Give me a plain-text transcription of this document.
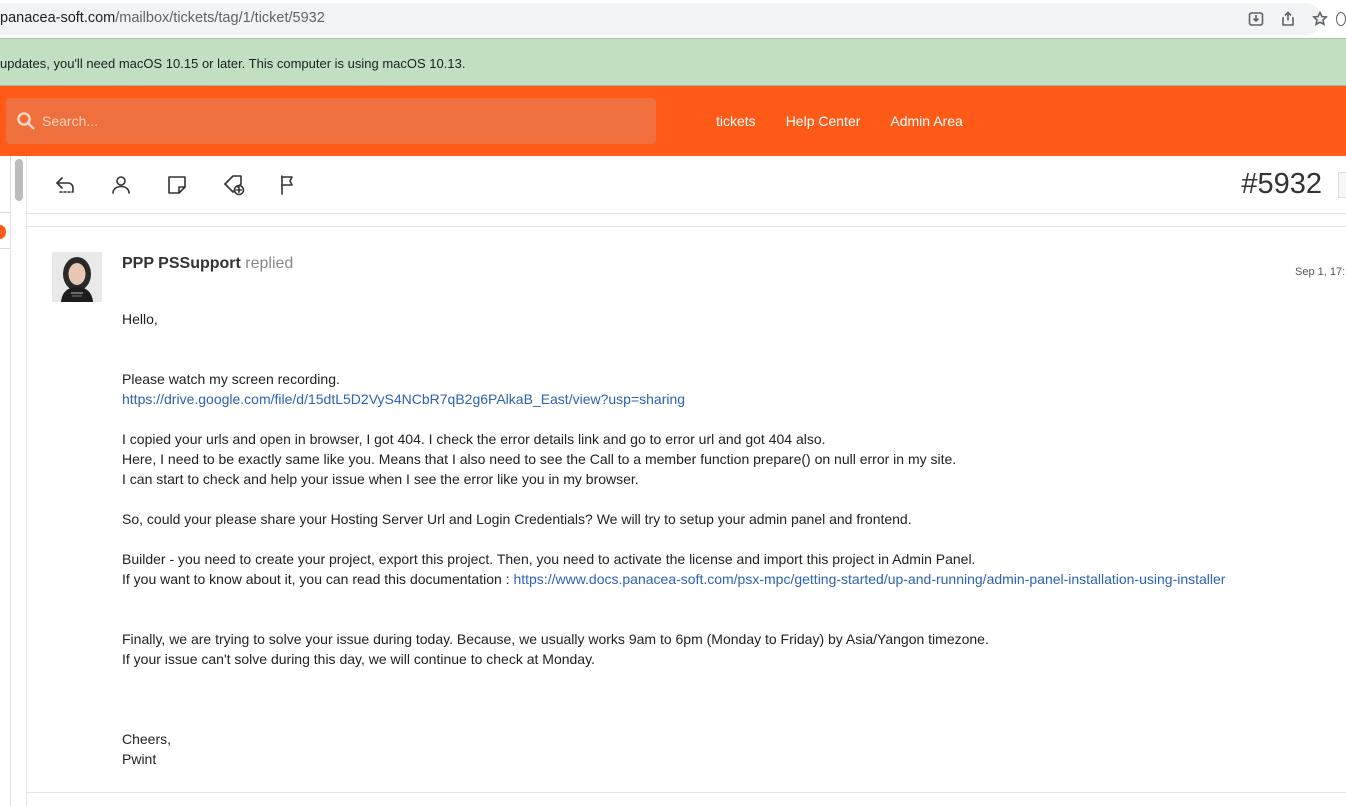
panacea-soft.com/mailbox/tickets/tag/1/ticket/5932
updates, you'll need macOS 10.15 or later. This computer is using macOS 10.13.
Search...
tickets Help Center Admin Area
#5932
PPP PSSupport replied	Sep 1, 17:

Hello,

Please watch my screen recording.

https://drive.google.com/file/d/15dtL5D2VyS4NCbR7qB2g6PAlkaB_East/view?usp=sharing

I copied your urls and open in browser, I got 404. I check the error details link and go to error url and got 404 also.

Here, I need to be exactly same like you. Means that I also need to see the Call to a member function prepare() on null error in my site.

I can start to check and help your issue when I see the error like you in my browser.

So, could your please share your Hosting Server Url and Login Credentials? We will try to setup your admin panel and frontend.

Builder - you need to create your project, export this project. Then, you need to activate the license and import this project in Admin Panel.

If you want to know about it, you can read this documentation : https://www.docs.panacea-soft.com/psx-mpc/getting-started/up-and-running/admin-panel-installation-using-installer

Finally, we are trying to solve your issue during today. Because, we usually works 9am to 6pm (Monday to Friday) by Asia/Yangon timezone.

If your issue can't solve during this day, we will continue to check at Monday.

Cheers,

Pwint
